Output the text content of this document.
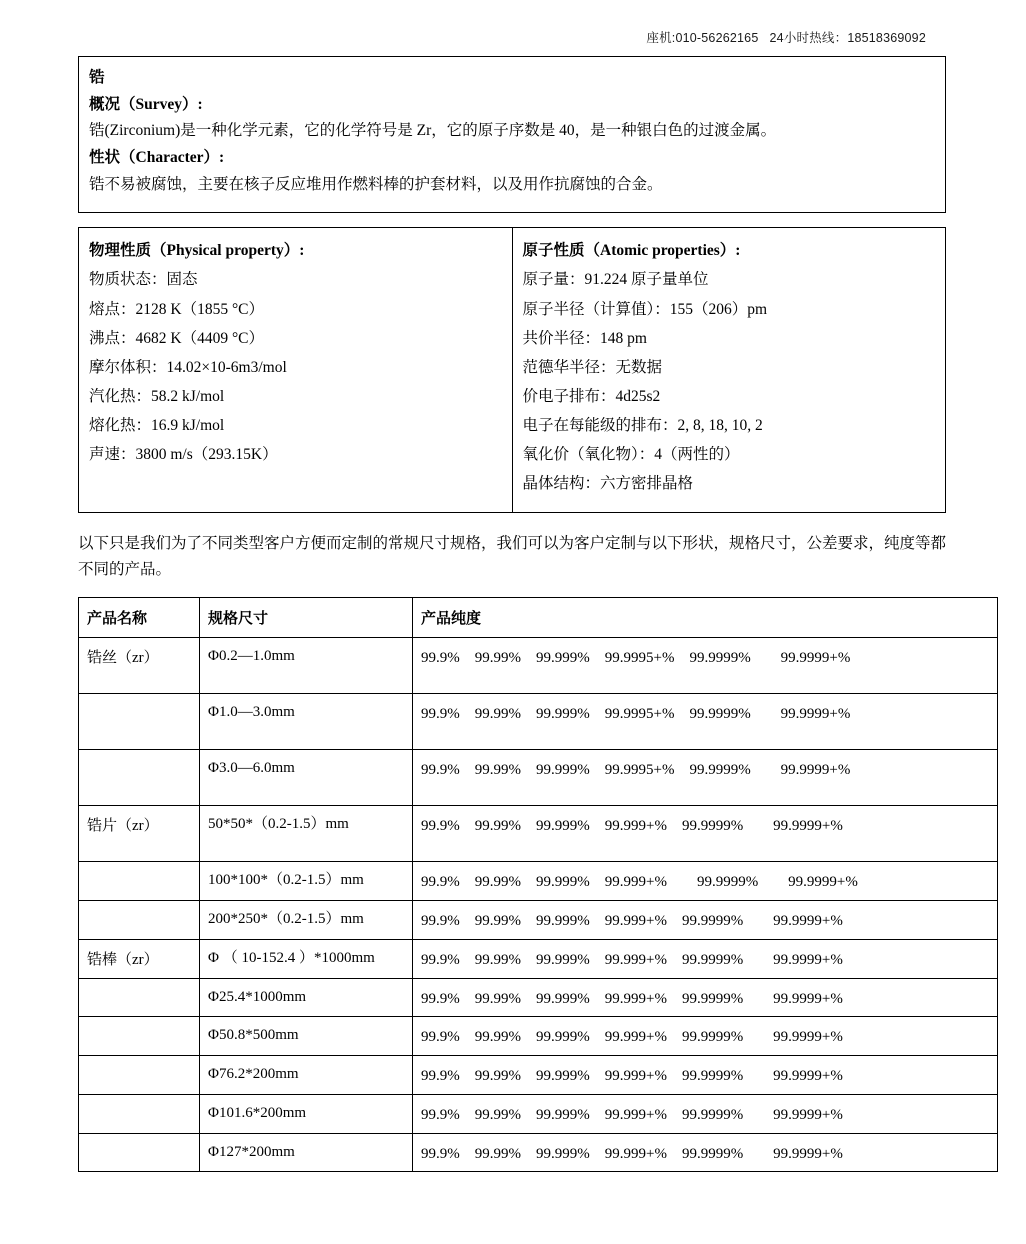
座机:010-56262165 24小时热线：18518369092
锆
概况（Survey）:
锆(Zirconium)是一种化学元素，它的化学符号是 Zr，它的原子序数是 40，是一种银白色的过渡金属。
性状（Character）:
锆不易被腐蚀，主要在核子反应堆用作燃料棒的护套材料，以及用作抗腐蚀的合金。
物理性质（Physical property）:
物质状态：固态
熔点：2128 K（1855 °C）
沸点：4682 K（4409 °C）
摩尔体积：14.02×10-6m3/mol
汽化热：58.2 kJ/mol
熔化热：16.9 kJ/mol
声速：3800 m/s（293.15K）

原子性质（Atomic properties）:
原子量：91.224 原子量单位
原子半径（计算值）：155（206）pm
共价半径：148 pm
范德华半径：无数据
价电子排布：4d25s2
电子在每能级的排布：2, 8, 18, 10, 2
氧化价（氧化物）：4（两性的）
晶体结构：六方密排晶格
以下只是我们为了不同类型客户方便而定制的常规尺寸规格，我们可以为客户定制与以下形状，规格尺寸，公差要求，纯度等都不同的产品。
产品名称	规格尺寸	产品纯度
锆丝（zr）	Φ0.2—1.0mm	99.9%　99.99%　99.999%　99.9995+%　99.9999%　　99.9999+%
	Φ1.0—3.0mm	99.9%　99.99%　99.999%　99.9995+%　99.9999%　　99.9999+%
	Φ3.0—6.0mm	99.9%　99.99%　99.999%　99.9995+%　99.9999%　　99.9999+%
锆片（zr）	50*50*（0.2-1.5）mm	99.9%　99.99%　99.999%　99.999+%　99.9999%　　99.9999+%
	100*100*（0.2-1.5）mm	99.9%　99.99%　99.999%　99.999+%　　99.9999%　　99.9999+%
	200*250*（0.2-1.5）mm	99.9%　99.99%　99.999%　99.999+%　99.9999%　　99.9999+%
锆棒（zr）	Φ （ 10-152.4 ）*1000mm	99.9%　99.99%　99.999%　99.999+%　99.9999%　　99.9999+%
	Φ25.4*1000mm	99.9%　99.99%　99.999%　99.999+%　99.9999%　　99.9999+%
	Φ50.8*500mm	99.9%　99.99%　99.999%　99.999+%　99.9999%　　99.9999+%
	Φ76.2*200mm	99.9%　99.99%　99.999%　99.999+%　99.9999%　　99.9999+%
	Φ101.6*200mm	99.9%　99.99%　99.999%　99.999+%　99.9999%　　99.9999+%
	Φ127*200mm	99.9%　99.99%　99.999%　99.999+%　99.9999%　　99.9999+%
